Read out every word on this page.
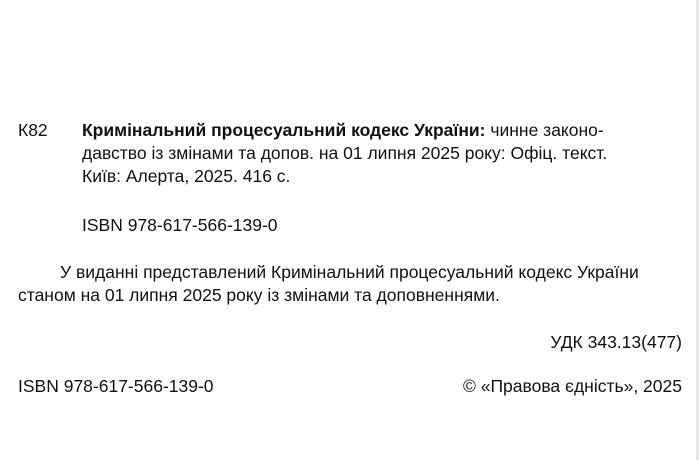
К82 Кримінальний процесуальний кодекс України: чинне законо-
давство із змінами та допов. на 01 липня 2025 року: Офіц. текст.
Київ: Алерта, 2025. 416 с.
ISBN 978-617-566-139-0
У виданні представлений Кримінальний процесуальний кодекс України
станом на 01 липня 2025 року із змінами та доповненнями.
УДК 343.13(477)
ISBN 978-617-566-139-0	© «Правова єдність», 2025
